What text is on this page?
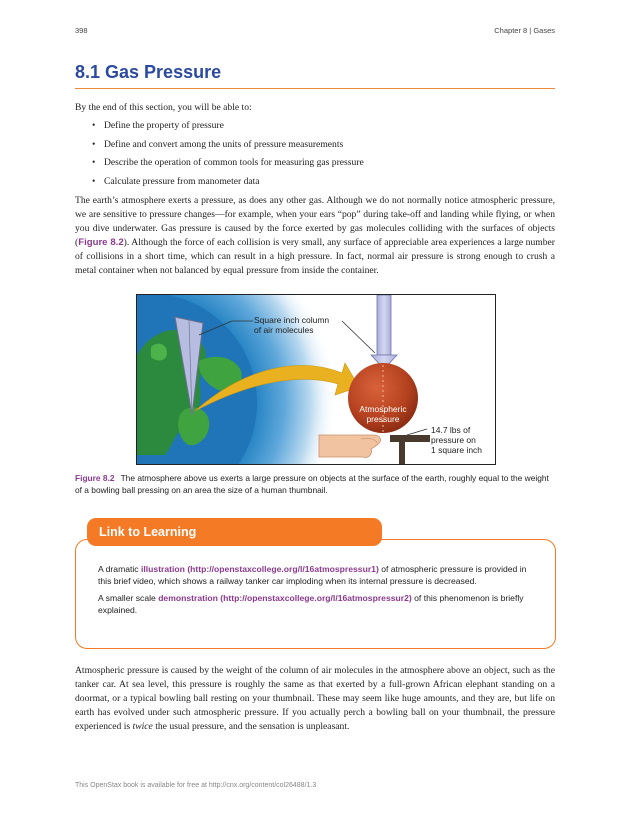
398	Chapter 8 | Gases
8.1 Gas Pressure

By the end of this section, you will be able to:

• Define the property of pressure
• Define and convert among the units of pressure measurements
• Describe the operation of common tools for measuring gas pressure
• Calculate pressure from manometer data

The earth’s atmosphere exerts a pressure, as does any other gas. Although we do not normally notice atmospheric pressure, we are sensitive to pressure changes—for example, when your ears “pop” during take-off and landing while flying, or when you dive underwater. Gas pressure is caused by the force exerted by gas molecules colliding with the surfaces of objects (Figure 8.2). Although the force of each collision is very small, any surface of appreciable area experiences a large number of collisions in a short time, which can result in a high pressure. In fact, normal air pressure is strong enough to crush a metal container when not balanced by equal pressure from inside the container.

Square inch column
of air molecules
Atmospheric
pressure
14.7 lbs of
pressure on
1 square inch

Figure 8.2 The atmosphere above us exerts a large pressure on objects at the surface of the earth, roughly equal to the weight of a bowling ball pressing on an area the size of a human thumbnail.

Link to Learning

A dramatic illustration (http://openstaxcollege.org/l/16atmospressur1) of atmospheric pressure is provided in this brief video, which shows a railway tanker car imploding when its internal pressure is decreased.

A smaller scale demonstration (http://openstaxcollege.org/l/16atmospressur2) of this phenomenon is briefly explained.

Atmospheric pressure is caused by the weight of the column of air molecules in the atmosphere above an object, such as the tanker car. At sea level, this pressure is roughly the same as that exerted by a full-grown African elephant standing on a doormat, or a typical bowling ball resting on your thumbnail. These may seem like huge amounts, and they are, but life on earth has evolved under such atmospheric pressure. If you actually perch a bowling ball on your thumbnail, the pressure experienced is twice the usual pressure, and the sensation is unpleasant.

This OpenStax book is available for free at http://cnx.org/content/col26488/1.3
